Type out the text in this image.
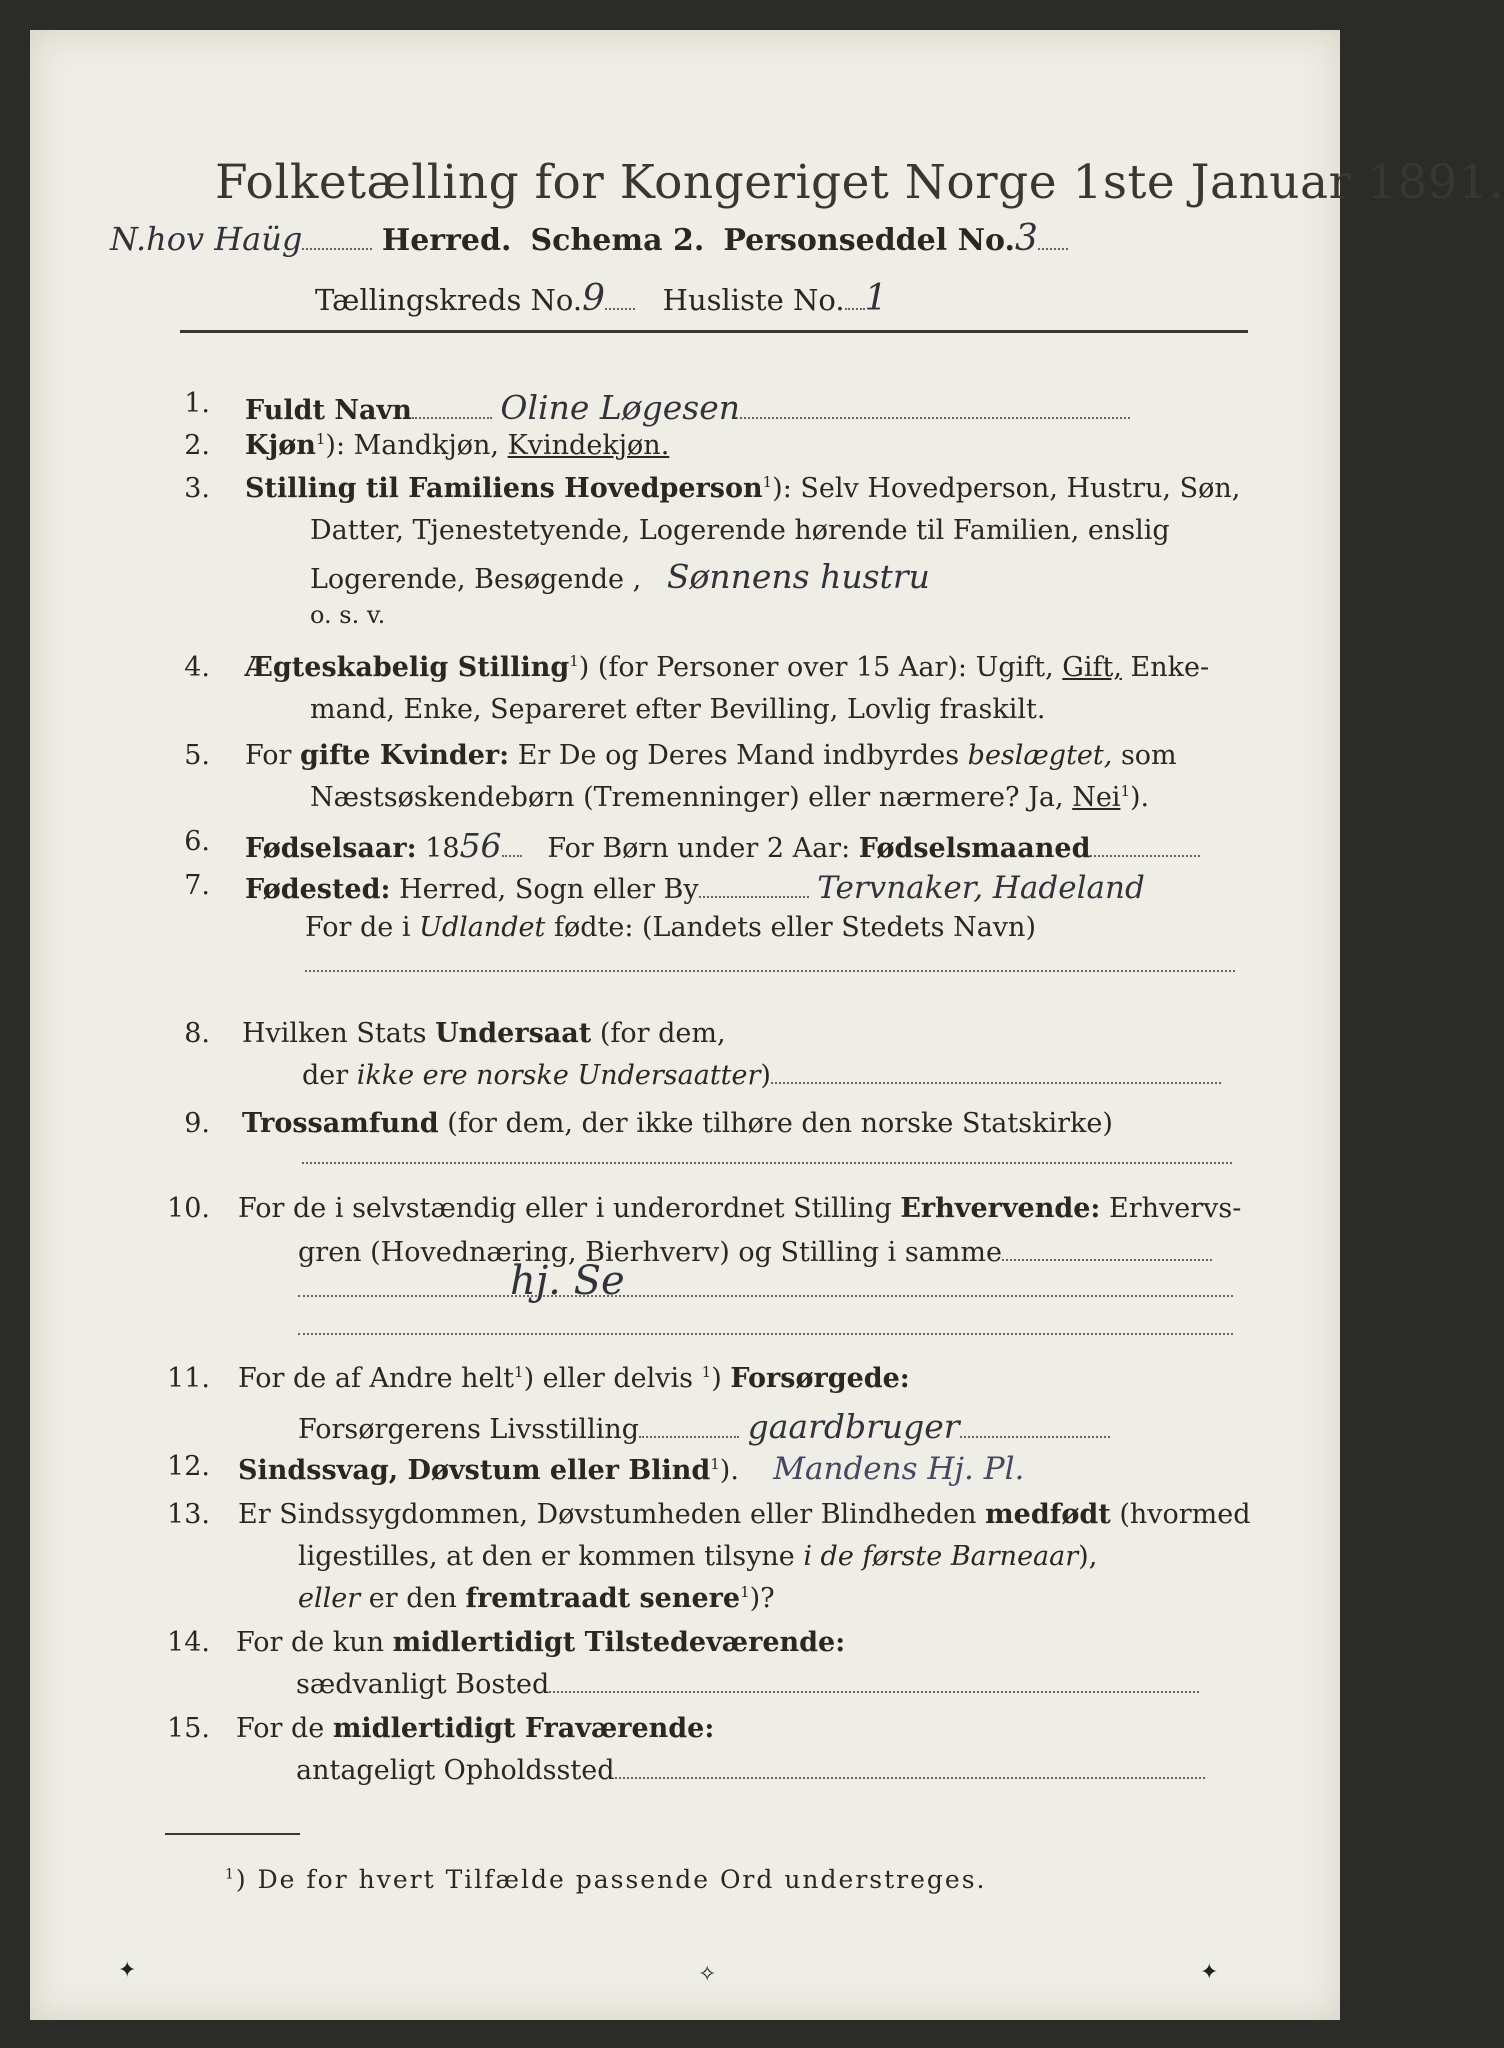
Folketælling for Kongeriget Norge 1ste Januar 1891.
N.hov Haüg	Herred. Schema 2. Personseddel No.3
Tællingskreds No.9 Husliste No. 1
1. Fuldt Navn	Oline Løgesen
2. Kjøn$^1$): Mandkjøn, Kvindekjøn.
3. Stilling til Familiens Hovedperson$^1$): Selv Hovedperson, Hustru, Søn,
Datter, Tjenestetyende, Logerende hørende til Familien, enslig
Logerende, Besøgende ,   Sønnens hustru
o. s. v.
4. Ægteskabelig Stilling$^1$) (for Personer over 15 Aar): Ugift, Gift, Enke-
mand, Enke, Separeret efter Bevilling, Lovlig fraskilt.
5. For gifte Kvinder: Er De og Deres Mand indbyrdes beslægtet, som
Næstsøskendebørn (Tremenninger) eller nærmere? Ja, Nei$^1$).
6. Fødselsaar: 1856 For Børn under 2 Aar: Fødselsmaaned
7. Fødested: Herred, Sogn eller By	Tervnaker, Hadeland
For de i Udlandet fødte: (Landets eller Stedets Navn)
8. Hvilken Stats Undersaat (for dem,
der ikke ere norske Undersaatter)
9. Trossamfund (for dem, der ikke tilhøre den norske Statskirke)
10. For de i selvstændig eller i underordnet Stilling Erhvervende: Erhvervs-
gren (Hovednæring, Bierhverv) og Stilling i samme
hj. Se
11. For de af Andre helt$^1$) eller delvis $^1$) Forsørgede:
Forsørgerens Livsstilling	gaardbruger
12. Sindssvag, Døvstum eller Blind$^1$). Mandens Hj. Pl.
13. Er Sindssygdommen, Døvstumheden eller Blindheden medfødt (hvormed
ligestilles, at den er kommen tilsyne i de første Barneaar),
eller er den fremtraadt senere$^1$)?
14. For de kun midlertidigt Tilstedeværende:
sædvanligt Bosted
15. For de midlertidigt Fraværende:
antageligt Opholdssted
$^1$) De for hvert Tilfælde passende Ord understreges.
✦	✧	✦
